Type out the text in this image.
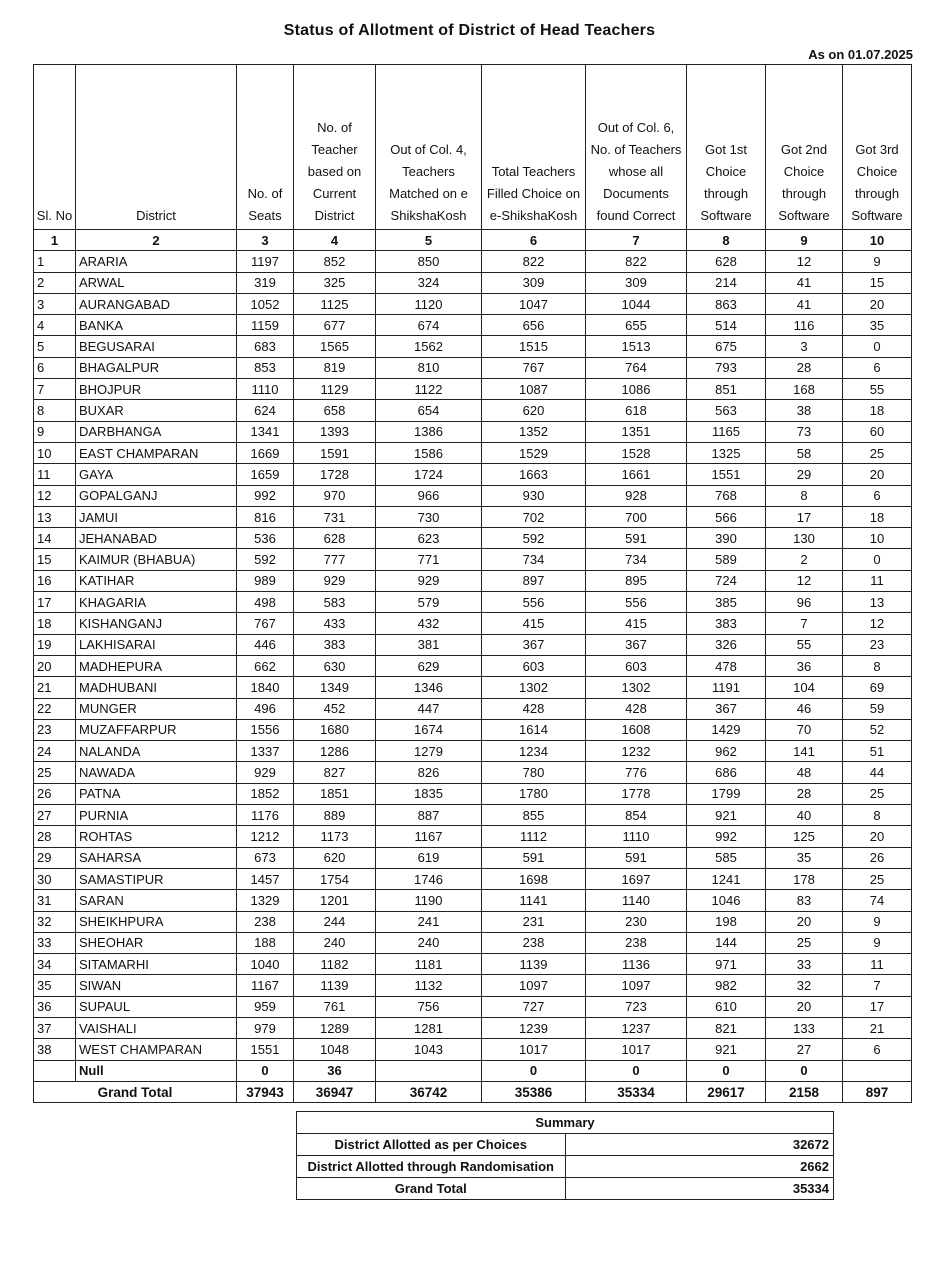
Status of Allotment of District of Head Teachers
As on 01.07.2025
Sl. No	District	No. of Seats	No. of Teacher based on Current District	Out of Col. 4, Teachers Matched on e ShikshaKosh	Total Teachers Filled Choice on e-ShikshaKosh	Out of Col. 6, No. of Teachers whose all Documents found Correct	Got 1st Choice through Software	Got 2nd Choice through Software	Got 3rd Choice through Software
1	2	3	4	5	6	7	8	9	10
1	ARARIA	1197	852	850	822	822	628	12	9
2	ARWAL	319	325	324	309	309	214	41	15
3	AURANGABAD	1052	1125	1120	1047	1044	863	41	20
4	BANKA	1159	677	674	656	655	514	116	35
5	BEGUSARAI	683	1565	1562	1515	1513	675	3	0
6	BHAGALPUR	853	819	810	767	764	793	28	6
7	BHOJPUR	1110	1129	1122	1087	1086	851	168	55
8	BUXAR	624	658	654	620	618	563	38	18
9	DARBHANGA	1341	1393	1386	1352	1351	1165	73	60
10	EAST CHAMPARAN	1669	1591	1586	1529	1528	1325	58	25
11	GAYA	1659	1728	1724	1663	1661	1551	29	20
12	GOPALGANJ	992	970	966	930	928	768	8	6
13	JAMUI	816	731	730	702	700	566	17	18
14	JEHANABAD	536	628	623	592	591	390	130	10
15	KAIMUR (BHABUA)	592	777	771	734	734	589	2	0
16	KATIHAR	989	929	929	897	895	724	12	11
17	KHAGARIA	498	583	579	556	556	385	96	13
18	KISHANGANJ	767	433	432	415	415	383	7	12
19	LAKHISARAI	446	383	381	367	367	326	55	23
20	MADHEPURA	662	630	629	603	603	478	36	8
21	MADHUBANI	1840	1349	1346	1302	1302	1191	104	69
22	MUNGER	496	452	447	428	428	367	46	59
23	MUZAFFARPUR	1556	1680	1674	1614	1608	1429	70	52
24	NALANDA	1337	1286	1279	1234	1232	962	141	51
25	NAWADA	929	827	826	780	776	686	48	44
26	PATNA	1852	1851	1835	1780	1778	1799	28	25
27	PURNIA	1176	889	887	855	854	921	40	8
28	ROHTAS	1212	1173	1167	1112	1110	992	125	20
29	SAHARSA	673	620	619	591	591	585	35	26
30	SAMASTIPUR	1457	1754	1746	1698	1697	1241	178	25
31	SARAN	1329	1201	1190	1141	1140	1046	83	74
32	SHEIKHPURA	238	244	241	231	230	198	20	9
33	SHEOHAR	188	240	240	238	238	144	25	9
34	SITAMARHI	1040	1182	1181	1139	1136	971	33	11
35	SIWAN	1167	1139	1132	1097	1097	982	32	7
36	SUPAUL	959	761	756	727	723	610	20	17
37	VAISHALI	979	1289	1281	1239	1237	821	133	21
38	WEST CHAMPARAN	1551	1048	1043	1017	1017	921	27	6
	Null	0	36		0	0	0	0	
Grand Total		37943	36947	36742	35386	35334	29617	2158	897
Summary	
District Allotted as per Choices	32672
District Allotted through Randomisation	2662
Grand Total	35334
